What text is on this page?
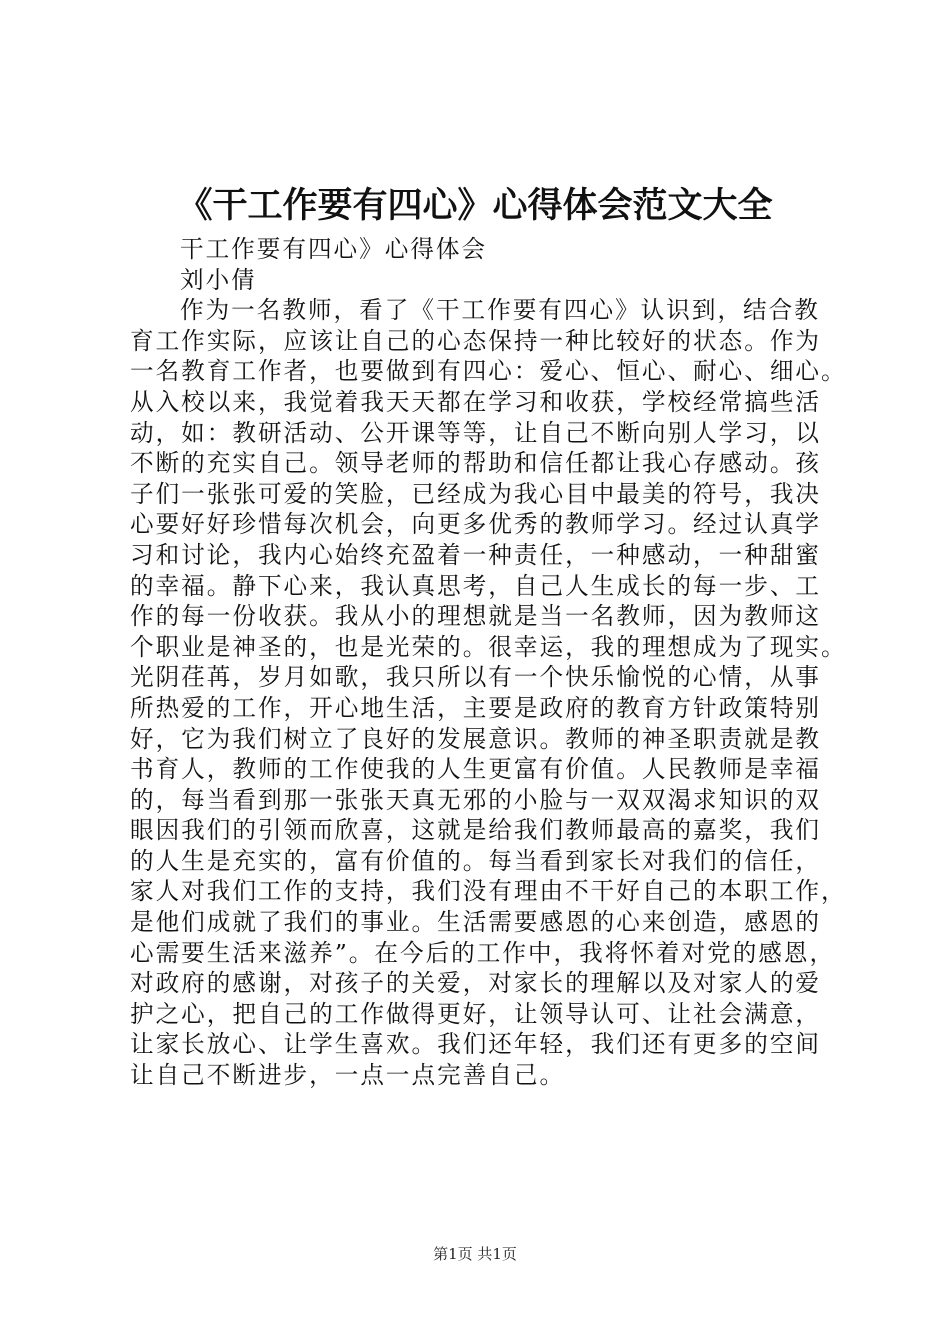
《干工作要有四心》心得体会范文大全
干工作要有四心》心得体会
刘小倩
作为一名教师，看了《干工作要有四心》认识到，结合教
育工作实际，应该让自己的心态保持一种比较好的状态。作为
一名教育工作者，也要做到有四心：爱心、恒心、耐心、细心。
从入校以来，我觉着我天天都在学习和收获，学校经常搞些活
动，如：教研活动、公开课等等，让自己不断向别人学习，以
不断的充实自己。领导老师的帮助和信任都让我心存感动。孩
子们一张张可爱的笑脸，已经成为我心目中最美的符号，我决
心要好好珍惜每次机会，向更多优秀的教师学习。经过认真学
习和讨论，我内心始终充盈着一种责任，一种感动，一种甜蜜
的幸福。静下心来，我认真思考，自己人生成长的每一步、工
作的每一份收获。我从小的理想就是当一名教师，因为教师这
个职业是神圣的，也是光荣的。很幸运，我的理想成为了现实。
光阴荏苒，岁月如歌，我只所以有一个快乐愉悦的心情，从事
所热爱的工作，开心地生活，主要是政府的教育方针政策特别
好，它为我们树立了良好的发展意识。教师的神圣职责就是教
书育人，教师的工作使我的人生更富有价值。人民教师是幸福
的，每当看到那一张张天真无邪的小脸与一双双渴求知识的双
眼因我们的引领而欣喜，这就是给我们教师最高的嘉奖，我们
的人生是充实的，富有价值的。每当看到家长对我们的信任，
家人对我们工作的支持，我们没有理由不干好自己的本职工作，
是他们成就了我们的事业。生活需要感恩的心来创造，感恩的
心需要生活来滋养”。在今后的工作中，我将怀着对党的感恩，
对政府的感谢，对孩子的关爱，对家长的理解以及对家人的爱
护之心，把自己的工作做得更好，让领导认可、让社会满意，
让家长放心、让学生喜欢。我们还年轻，我们还有更多的空间
让自己不断进步，一点一点完善自己。
第1页 共1页
